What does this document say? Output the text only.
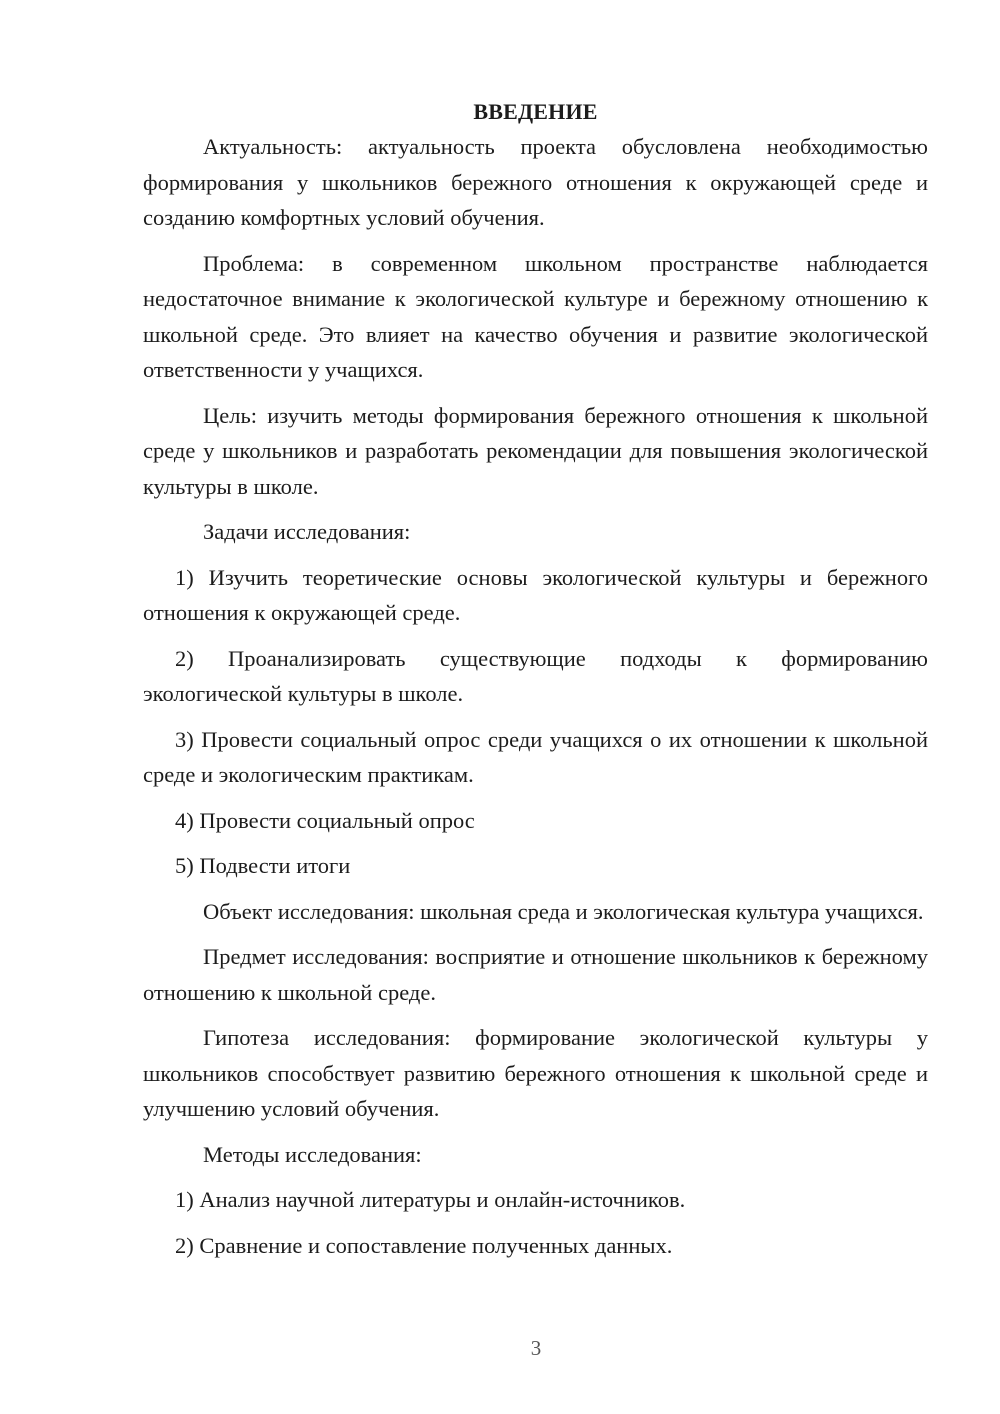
ВВЕДЕНИЕ

Актуальность: актуальность проекта обусловлена необходимостью формирования у школьников бережного отношения к окружающей среде и созданию комфортных условий обучения.

Проблема: в современном школьном пространстве наблюдается недостаточное внимание к экологической культуре и бережному отношению к школьной среде. Это влияет на качество обучения и развитие экологической ответственности у учащихся.

Цель: изучить методы формирования бережного отношения к школьной среде у школьников и разработать рекомендации для повышения экологической культуры в школе.

Задачи исследования:

1) Изучить теоретические основы экологической культуры и бережного отношения к окружающей среде.

2) Проанализировать существующие подходы к формированию экологической культуры в школе.

3) Провести социальный опрос среди учащихся о их отношении к школьной среде и экологическим практикам.

4) Провести социальный опрос

5) Подвести итоги

Объект исследования: школьная среда и экологическая культура учащихся.

Предмет исследования: восприятие и отношение школьников к бережному отношению к школьной среде.

Гипотеза исследования: формирование экологической культуры у школьников способствует развитию бережного отношения к школьной среде и улучшению условий обучения.

Методы исследования:

1) Анализ научной литературы и онлайн-источников.

2) Сравнение и сопоставление полученных данных.

3
